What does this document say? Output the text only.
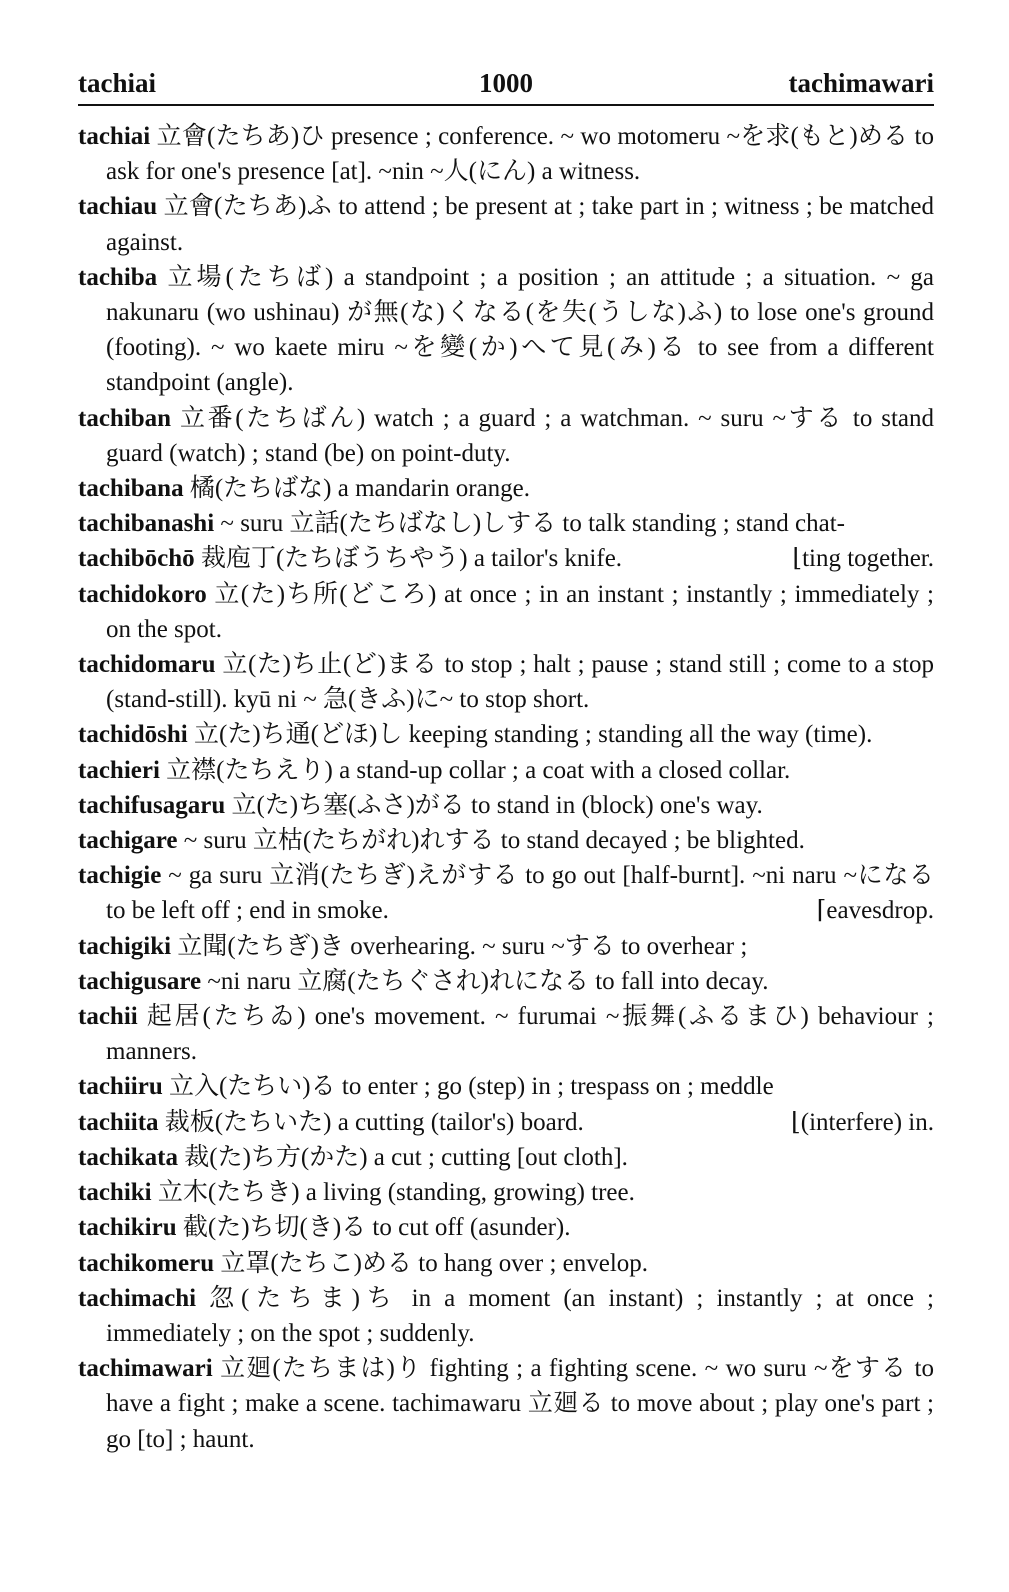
tachiai	1000	tachimawari
tachiai 立會(たちあ)ひ presence ; conference. ~ wo motomeru ~を求(もと)める to ask for one's presence [at]. ~nin ~人(にん) a witness.
tachiau 立會(たちあ)ふ to attend ; be present at ; take part in ; witness ; be matched against.
tachiba 立場(たちば) a standpoint ; a position ; an attitude ; a situation. ~ ga nakunaru (wo ushinau) が無(な)くなる(を失(うしな)ふ) to lose one's ground (footing). ~ wo kaete miru ~を變(か)へて見(み)る to see from a different standpoint (angle).
tachiban 立番(たちばん) watch ; a guard ; a watchman. ~ suru ~する to stand guard (watch) ; stand (be) on point-duty.
tachibana 橘(たちばな) a mandarin orange.
tachibanashi ~ suru 立話(たちばなし)しする to talk standing ; stand chat-
tachibōchō 裁庖丁(たちぼうちやう) a tailor's knife.	⌊ting together.
tachidokoro 立(た)ち所(どころ) at once ; in an instant ; instantly ; immediately ; on the spot.
tachidomaru 立(た)ち止(ど)まる to stop ; halt ; pause ; stand still ; come to a stop (stand-still). kyū ni ~ 急(きふ)に~ to stop short.
tachidōshi 立(た)ち通(どほ)し keeping standing ; standing all the way (time).
tachieri 立襟(たちえり) a stand-up collar ; a coat with a closed collar.
tachifusagaru 立(た)ち塞(ふさ)がる to stand in (block) one's way.
tachigare ~ suru 立枯(たちがれ)れする to stand decayed ; be blighted.
tachigie ~ ga suru 立消(たちぎ)えがする to go out [half-burnt]. ~ni naru ~になる to be left off ; end in smoke.	⌈eavesdrop.
tachigiki 立聞(たちぎ)き overhearing. ~ suru ~する to overhear ;
tachigusare ~ni naru 立腐(たちぐされ)れになる to fall into decay.
tachii 起居(たちゐ) one's movement. ~ furumai ~振舞(ふるまひ) behaviour ; manners.
tachiiru 立入(たちい)る to enter ; go (step) in ; trespass on ; meddle
tachiita 裁板(たちいた) a cutting (tailor's) board.	⌊(interfere) in.
tachikata 裁(た)ち方(かた) a cut ; cutting [out cloth].
tachiki 立木(たちき) a living (standing, growing) tree.
tachikiru 截(た)ち切(き)る to cut off (asunder).
tachikomeru 立罩(たちこ)める to hang over ; envelop.
tachimachi 忽(たちま)ち in a moment (an instant) ; instantly ; at once ; immediately ; on the spot ; suddenly.
tachimawari 立廻(たちまは)り fighting ; a fighting scene. ~ wo suru ~をする to have a fight ; make a scene. tachimawaru 立廻る to move about ; play one's part ; go [to] ; haunt.
